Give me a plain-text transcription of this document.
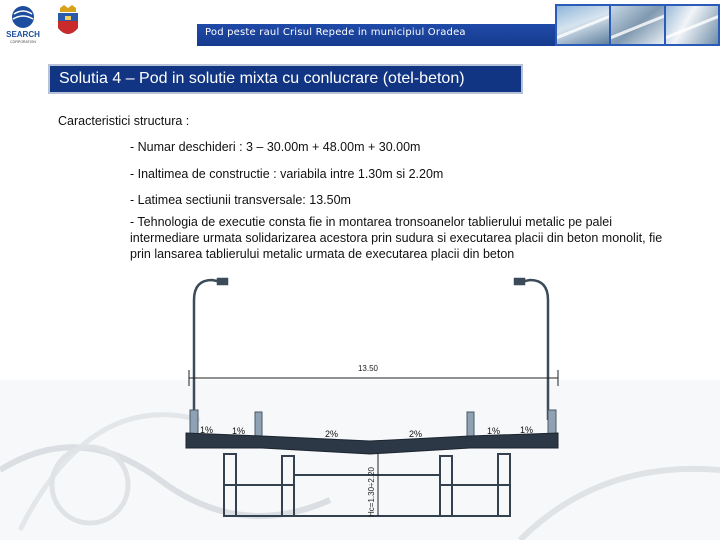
SEARCH
CORPORATION
Pod peste raul Crisul Repede in municipiul Oradea
Solutia 4 – Pod in solutie mixta cu conlucrare (otel-beton)
Caracteristici structura :
- Numar deschideri : 3 – 30.00m + 48.00m + 30.00m
- Inaltimea de constructie : variabila intre 1.30m si 2.20m
- Latimea sectiunii transversale: 13.50m
- Tehnologia de executie consta fie in montarea tronsoanelor tablierului metalic pe palei intermediare urmata solidarizarea acestora prin sudura si executarea placii din beton monolit, fie prin lansarea tablierului metalic urmata de executarea placii din beton
13.50
1% 1%	2%	2%	1% 1%
Hc=1.30÷2.20
